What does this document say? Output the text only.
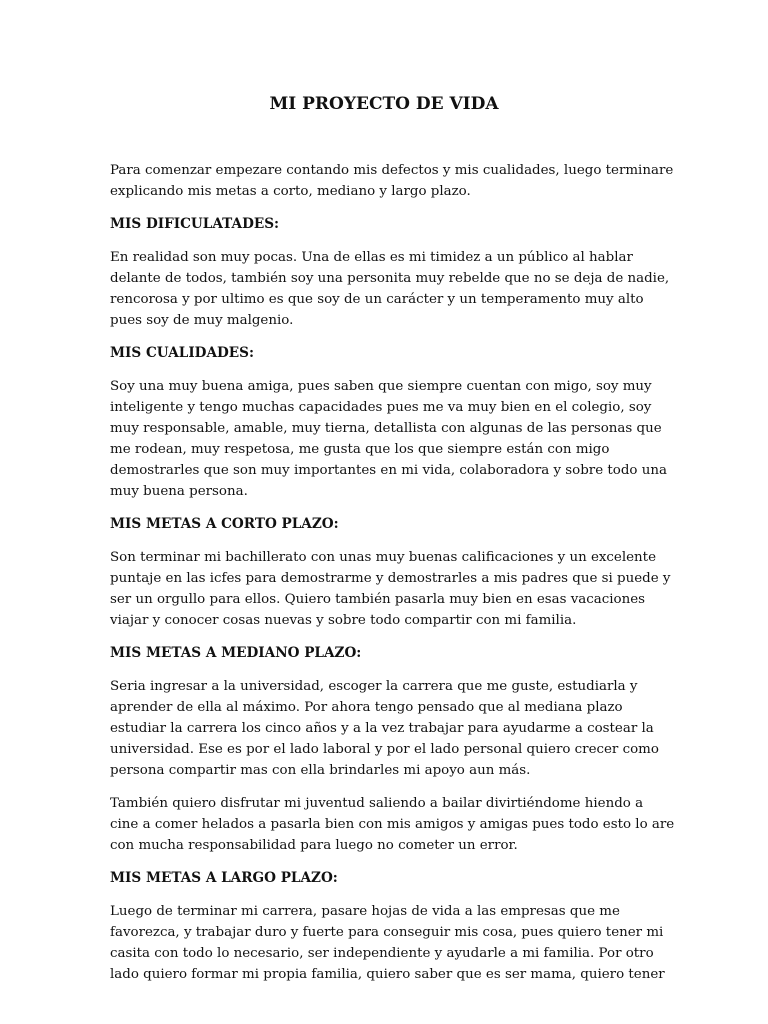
MI PROYECTO DE VIDA

Para comenzar empezare contando mis defectos y mis cualidades, luego terminare
explicando mis metas a corto, mediano y largo plazo.

MIS DIFICULATADES:

En realidad son muy pocas. Una de ellas es mi timidez a un público al hablar
delante de todos, también soy una personita muy rebelde que no se deja de nadie,
rencorosa y por ultimo es que soy de un carácter y un temperamento muy alto
pues soy de muy malgenio.

MIS CUALIDADES:

Soy una muy buena amiga, pues saben que siempre cuentan con migo, soy muy
inteligente y tengo muchas capacidades pues me va muy bien en el colegio, soy
muy responsable, amable, muy tierna, detallista con algunas de las personas que
me rodean, muy respetosa, me gusta que los que siempre están con migo
demostrarles que son muy importantes en mi vida, colaboradora y sobre todo una
muy buena persona.

MIS METAS A CORTO PLAZO:

Son terminar mi bachillerato con unas muy buenas calificaciones y un excelente
puntaje en las icfes para demostrarme y demostrarles a mis padres que si puede y
ser un orgullo para ellos. Quiero también pasarla muy bien en esas vacaciones
viajar y conocer cosas nuevas y sobre todo compartir con mi familia.

MIS METAS A MEDIANO PLAZO:

Seria ingresar a la universidad, escoger la carrera que me guste, estudiarla y
aprender de ella al máximo. Por ahora tengo pensado que al mediana plazo
estudiar la carrera los cinco años y a la vez trabajar para ayudarme a costear la
universidad. Ese es por el lado laboral y por el lado personal quiero crecer como
persona compartir mas con ella brindarles mi apoyo aun más.

También quiero disfrutar mi juventud saliendo a bailar divirtiéndome hiendo a
cine a comer helados a pasarla bien con mis amigos y amigas pues todo esto lo are
con mucha responsabilidad para luego no cometer un error.

MIS METAS A LARGO PLAZO:

Luego de terminar mi carrera, pasare hojas de vida a las empresas que me
favorezca, y trabajar duro y fuerte para conseguir mis cosa, pues quiero tener mi
casita con todo lo necesario, ser independiente y ayudarle a mi familia. Por otro
lado quiero formar mi propia familia, quiero saber que es ser mama, quiero tener
